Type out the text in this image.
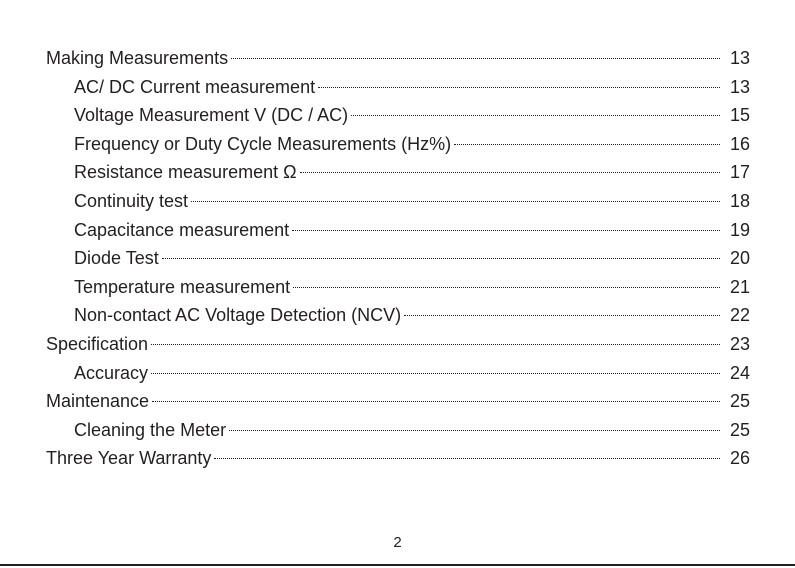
Making Measurements	13
AC/ DC Current measurement	13
Voltage Measurement V (DC / AC)	15
Frequency or Duty Cycle Measurements (Hz%)	16
Resistance measurement Ω	17
Continuity test	18
Capacitance measurement	19
Diode Test	20
Temperature measurement	21
Non-contact AC Voltage Detection (NCV)	22
Specification	23
Accuracy	24
Maintenance	25
Cleaning the Meter	25
Three Year Warranty	26
2
